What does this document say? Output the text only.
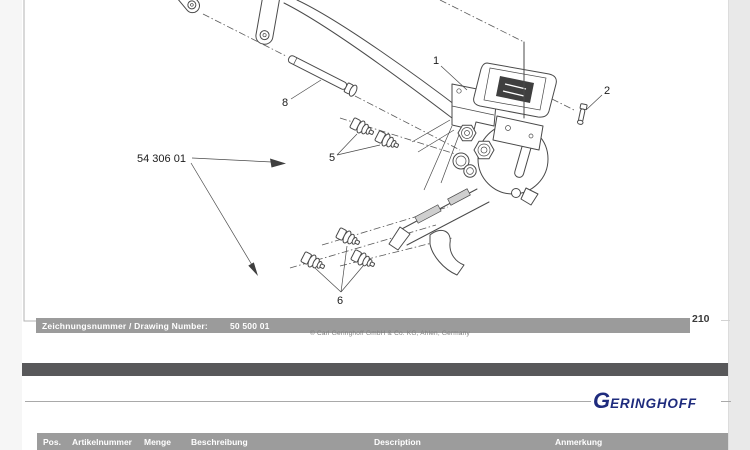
1
2
5
6
8
54 306 01
Zeichnungsnummer / Drawing Number:	50 500 01
210
© Carl Geringhoff GmbH & Co. KG, Ahlen, Germany
GERINGHOFF
Pos. Artikelnummer Menge Beschreibung	Description	Anmerkung
